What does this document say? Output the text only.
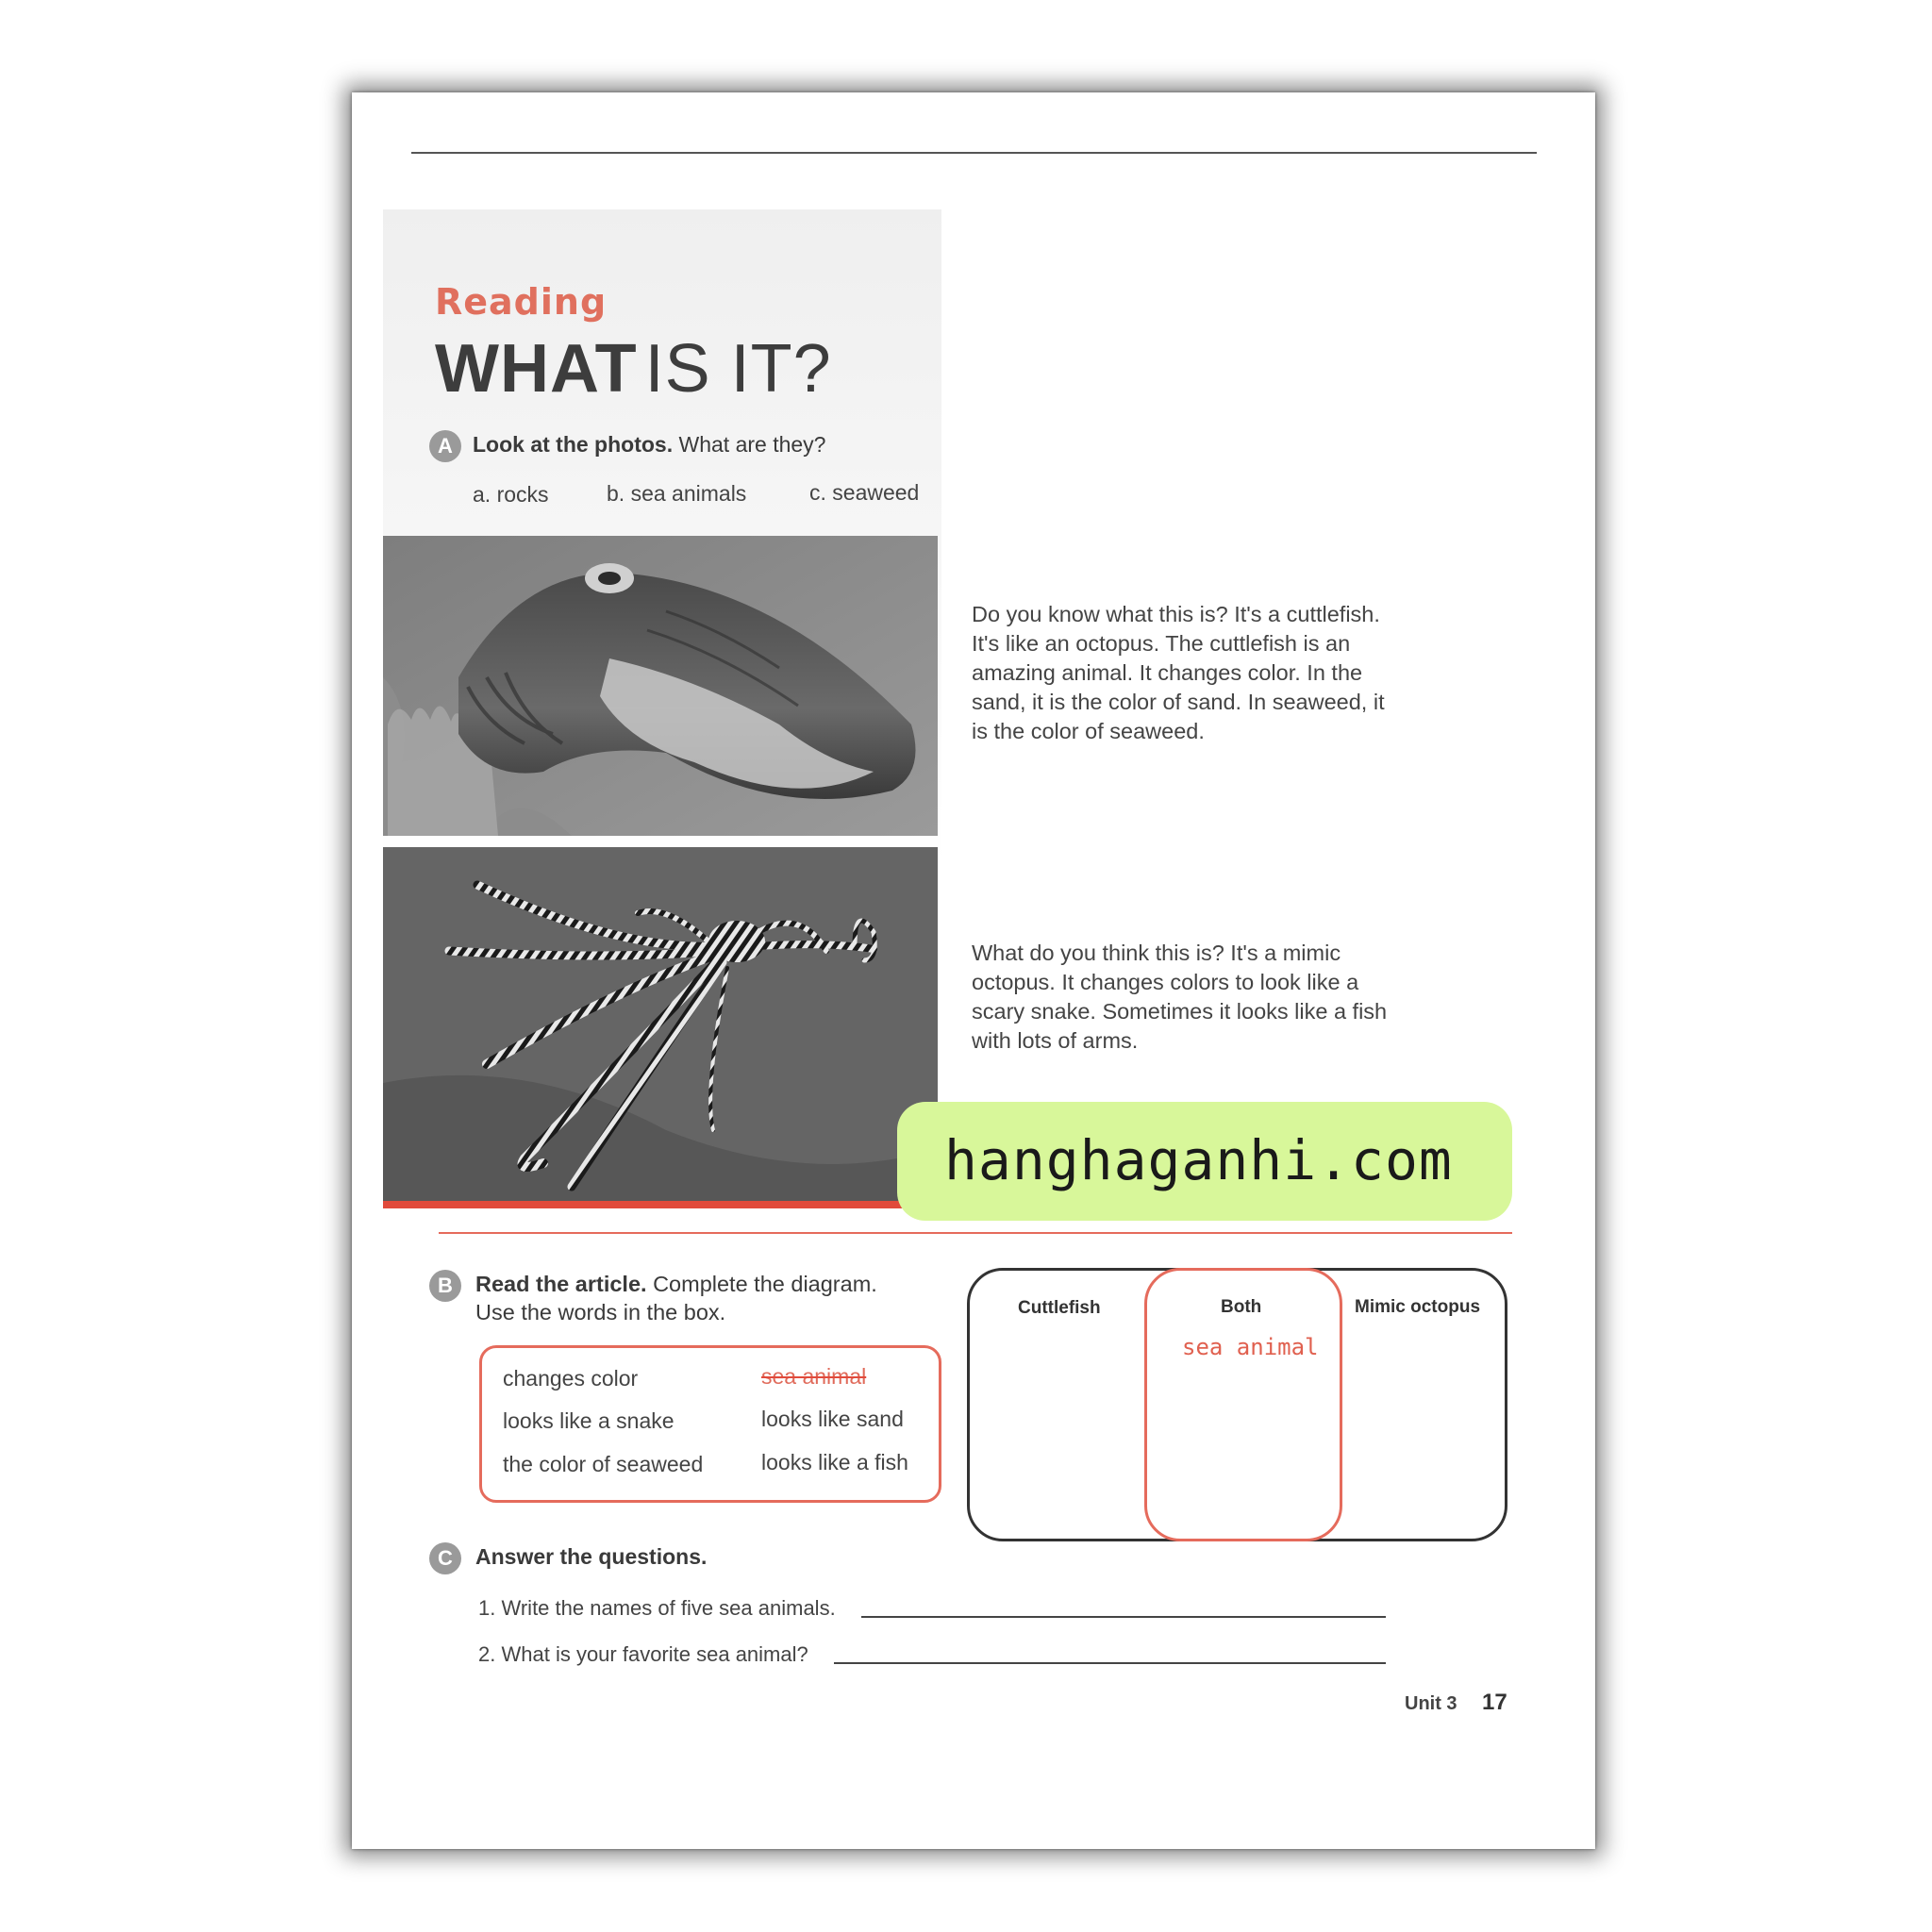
Reading
WHAT IS IT?
A Look at the photos. What are they?
a. rocks	b. sea animals	c. seaweed
Do you know what this is? It's a cuttlefish. It's like an octopus. The cuttlefish is an amazing animal. It changes color. In the sand, it is the color of sand. In seaweed, it is the color of seaweed.
What do you think this is? It's a mimic octopus. It changes colors to look like a scary snake. Sometimes it looks like a fish with lots of arms.
hanghaganhi.com
B	Read the article. Complete the diagram.
Use the words in the box.
changes color	sea animal
looks like a snake	looks like sand
the color of seaweed	looks like a fish
Cuttlefish	Both	Mimic octopus
sea animal
C	Answer the questions.
1. Write the names of five sea animals.
2. What is your favorite sea animal?
Unit 3 17
